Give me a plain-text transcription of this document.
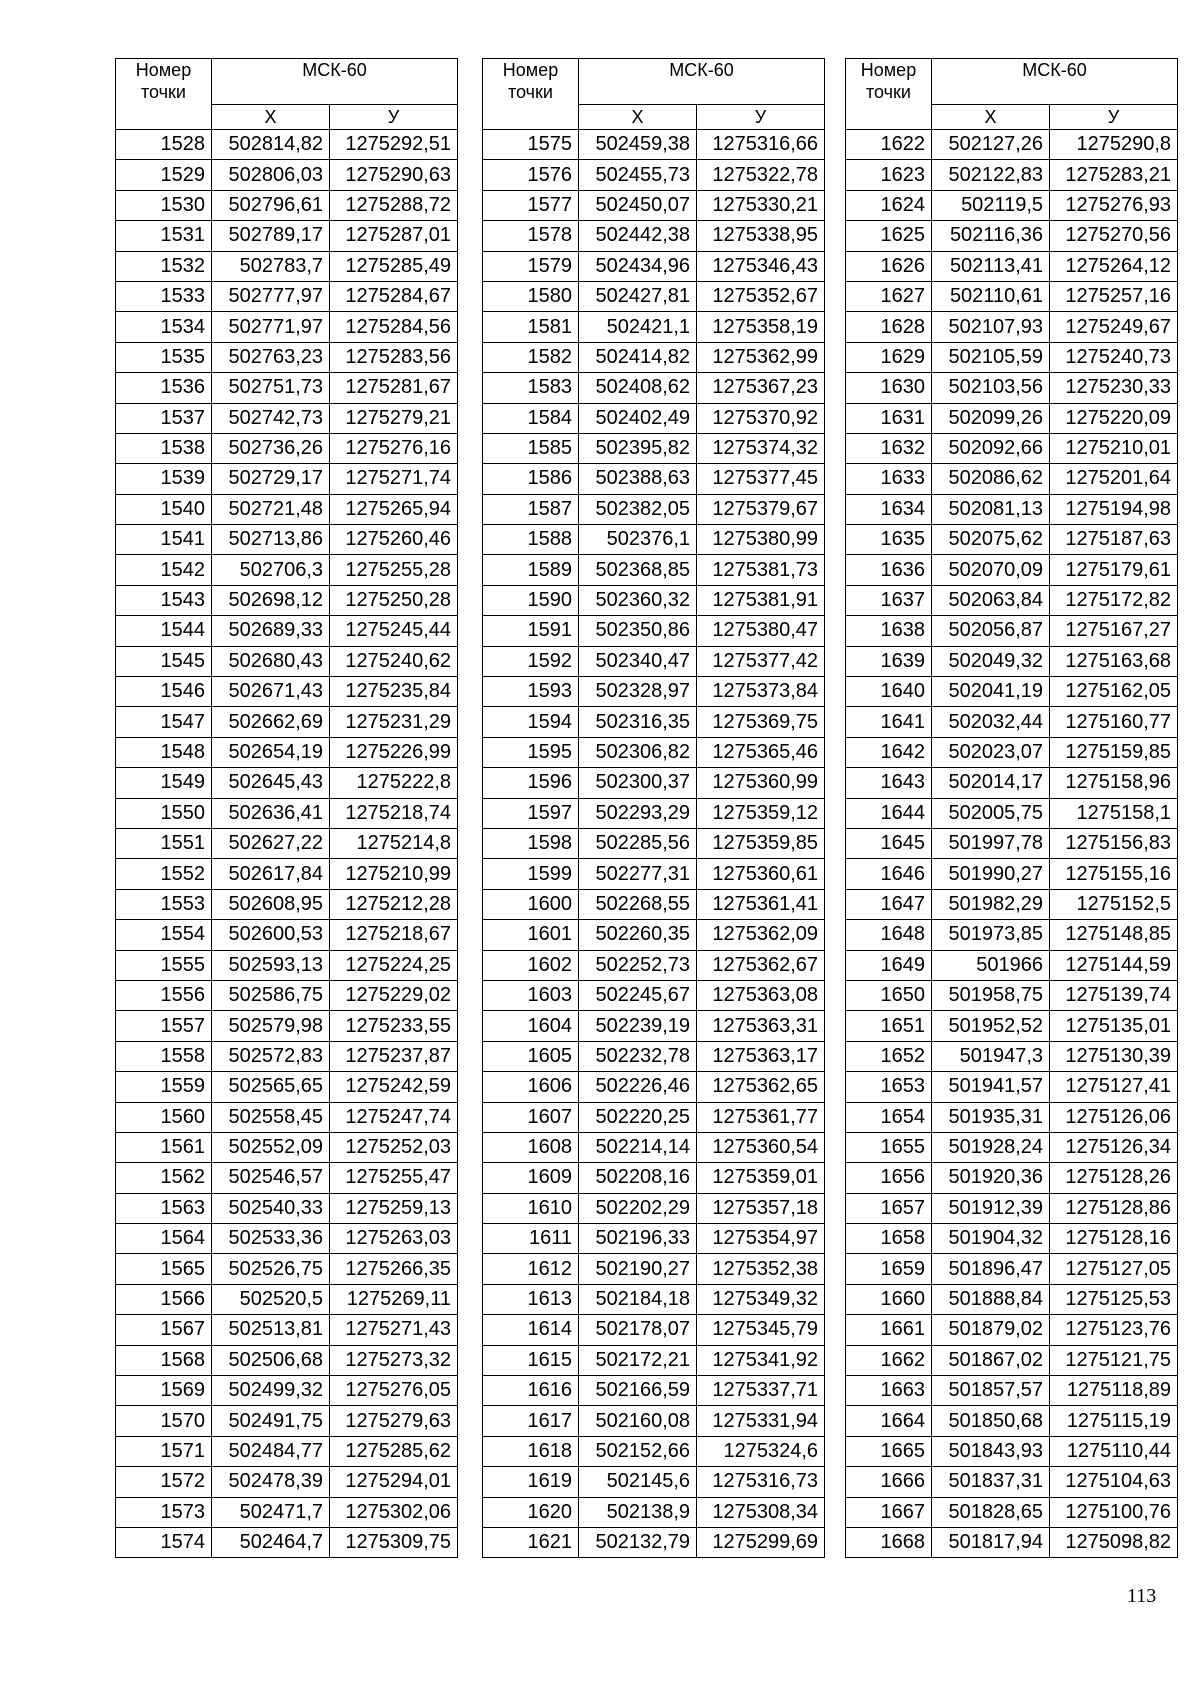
Номер точки	МСК-60	
	Х	У
1528	502814,82	1275292,51
1529	502806,03	1275290,63
1530	502796,61	1275288,72
1531	502789,17	1275287,01
1532	502783,7	1275285,49
1533	502777,97	1275284,67
1534	502771,97	1275284,56
1535	502763,23	1275283,56
1536	502751,73	1275281,67
1537	502742,73	1275279,21
1538	502736,26	1275276,16
1539	502729,17	1275271,74
1540	502721,48	1275265,94
1541	502713,86	1275260,46
1542	502706,3	1275255,28
1543	502698,12	1275250,28
1544	502689,33	1275245,44
1545	502680,43	1275240,62
1546	502671,43	1275235,84
1547	502662,69	1275231,29
1548	502654,19	1275226,99
1549	502645,43	1275222,8
1550	502636,41	1275218,74
1551	502627,22	1275214,8
1552	502617,84	1275210,99
1553	502608,95	1275212,28
1554	502600,53	1275218,67
1555	502593,13	1275224,25
1556	502586,75	1275229,02
1557	502579,98	1275233,55
1558	502572,83	1275237,87
1559	502565,65	1275242,59
1560	502558,45	1275247,74
1561	502552,09	1275252,03
1562	502546,57	1275255,47
1563	502540,33	1275259,13
1564	502533,36	1275263,03
1565	502526,75	1275266,35
1566	502520,5	1275269,11
1567	502513,81	1275271,43
1568	502506,68	1275273,32
1569	502499,32	1275276,05
1570	502491,75	1275279,63
1571	502484,77	1275285,62
1572	502478,39	1275294,01
1573	502471,7	1275302,06
1574	502464,7	1275309,75
Номер точки	МСК-60	
	Х	У
1575	502459,38	1275316,66
1576	502455,73	1275322,78
1577	502450,07	1275330,21
1578	502442,38	1275338,95
1579	502434,96	1275346,43
1580	502427,81	1275352,67
1581	502421,1	1275358,19
1582	502414,82	1275362,99
1583	502408,62	1275367,23
1584	502402,49	1275370,92
1585	502395,82	1275374,32
1586	502388,63	1275377,45
1587	502382,05	1275379,67
1588	502376,1	1275380,99
1589	502368,85	1275381,73
1590	502360,32	1275381,91
1591	502350,86	1275380,47
1592	502340,47	1275377,42
1593	502328,97	1275373,84
1594	502316,35	1275369,75
1595	502306,82	1275365,46
1596	502300,37	1275360,99
1597	502293,29	1275359,12
1598	502285,56	1275359,85
1599	502277,31	1275360,61
1600	502268,55	1275361,41
1601	502260,35	1275362,09
1602	502252,73	1275362,67
1603	502245,67	1275363,08
1604	502239,19	1275363,31
1605	502232,78	1275363,17
1606	502226,46	1275362,65
1607	502220,25	1275361,77
1608	502214,14	1275360,54
1609	502208,16	1275359,01
1610	502202,29	1275357,18
1611	502196,33	1275354,97
1612	502190,27	1275352,38
1613	502184,18	1275349,32
1614	502178,07	1275345,79
1615	502172,21	1275341,92
1616	502166,59	1275337,71
1617	502160,08	1275331,94
1618	502152,66	1275324,6
1619	502145,6	1275316,73
1620	502138,9	1275308,34
1621	502132,79	1275299,69
Номер точки	МСК-60	
	Х	У
1622	502127,26	1275290,8
1623	502122,83	1275283,21
1624	502119,5	1275276,93
1625	502116,36	1275270,56
1626	502113,41	1275264,12
1627	502110,61	1275257,16
1628	502107,93	1275249,67
1629	502105,59	1275240,73
1630	502103,56	1275230,33
1631	502099,26	1275220,09
1632	502092,66	1275210,01
1633	502086,62	1275201,64
1634	502081,13	1275194,98
1635	502075,62	1275187,63
1636	502070,09	1275179,61
1637	502063,84	1275172,82
1638	502056,87	1275167,27
1639	502049,32	1275163,68
1640	502041,19	1275162,05
1641	502032,44	1275160,77
1642	502023,07	1275159,85
1643	502014,17	1275158,96
1644	502005,75	1275158,1
1645	501997,78	1275156,83
1646	501990,27	1275155,16
1647	501982,29	1275152,5
1648	501973,85	1275148,85
1649	501966	1275144,59
1650	501958,75	1275139,74
1651	501952,52	1275135,01
1652	501947,3	1275130,39
1653	501941,57	1275127,41
1654	501935,31	1275126,06
1655	501928,24	1275126,34
1656	501920,36	1275128,26
1657	501912,39	1275128,86
1658	501904,32	1275128,16
1659	501896,47	1275127,05
1660	501888,84	1275125,53
1661	501879,02	1275123,76
1662	501867,02	1275121,75
1663	501857,57	1275118,89
1664	501850,68	1275115,19
1665	501843,93	1275110,44
1666	501837,31	1275104,63
1667	501828,65	1275100,76
1668	501817,94	1275098,82
113
